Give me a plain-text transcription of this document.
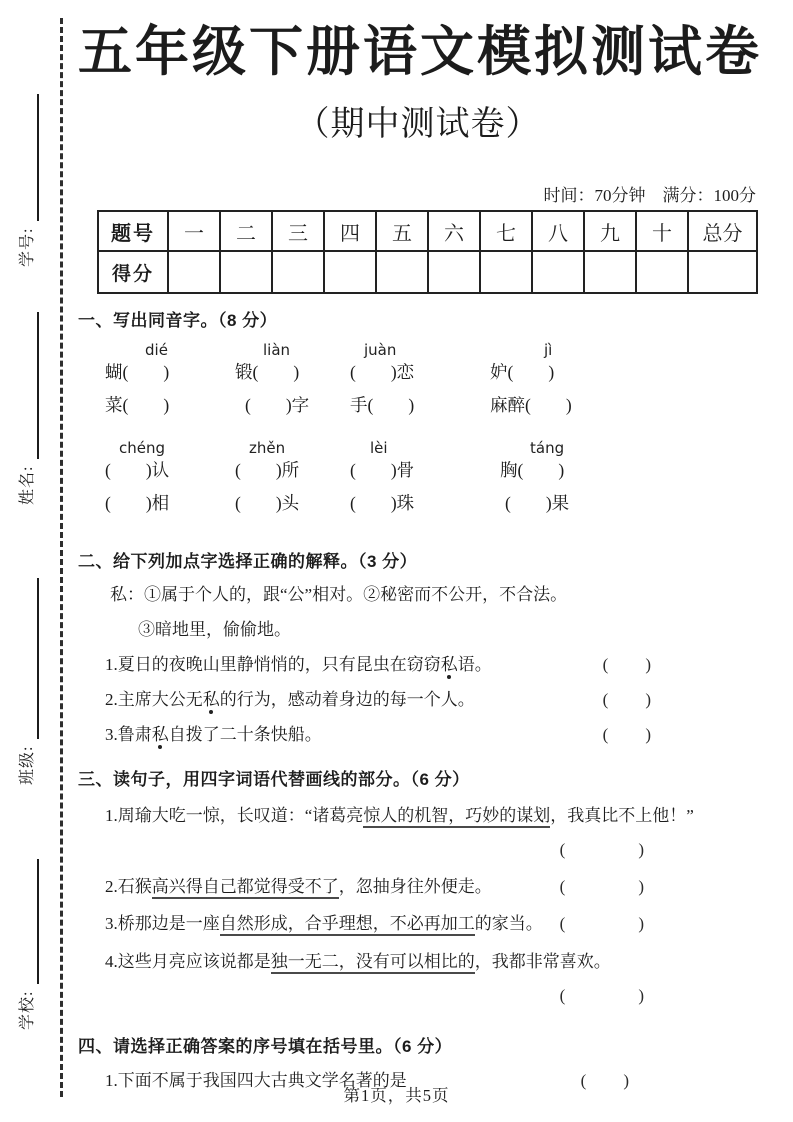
学校:
班级:
姓名:
学号:
五年级下册语文模拟测试卷
（期中测试卷）
时间：70分钟　满分：100分
题号	一	二	三	四	五	六	七	八	九	十	总分
得分											
一、写出同音字。（8 分）
dié	liàn	juàn	jì
蝴(　　)	锻(　　)	(　　)恋	妒(　　)
菜(　　)	(　　)字	手(　　)	麻醉(　　)
chéng	zhěn	lèi	táng
(　　)认	(　　)所	(　　)骨	胸(　　)
(　　)相	(　　)头	(　　)珠	(　　)果
二、给下列加点字选择正确的解释。（3 分）
私：①属于个人的，跟“公”相对。②秘密而不公开，不合法。
③暗地里，偷偷地。
1.夏日的夜晚山里静悄悄的，只有昆虫在窃窃私语。	(　　)
2.主席大公无私的行为，感动着身边的每一个人。	(　　)
3.鲁肃私自拨了二十条快船。	(　　)
三、读句子，用四字词语代替画线的部分。（6 分）
1.周瑜大吃一惊，长叹道：“诸葛亮惊人的机智，巧妙的谋划，我真比不上他！”
(　　　　)
2.石猴高兴得自己都觉得受不了，忽抽身往外便走。	(　　　　)
3.桥那边是一座自然形成，合乎理想，不必再加工的家当。 (　　　　)
4.这些月亮应该说都是独一无二，没有可以相比的，我都非常喜欢。
(　　　　)
四、请选择正确答案的序号填在括号里。（6 分）
1.下面不属于我国四大古典文学名著的是	(　　)
第1页，共5页
